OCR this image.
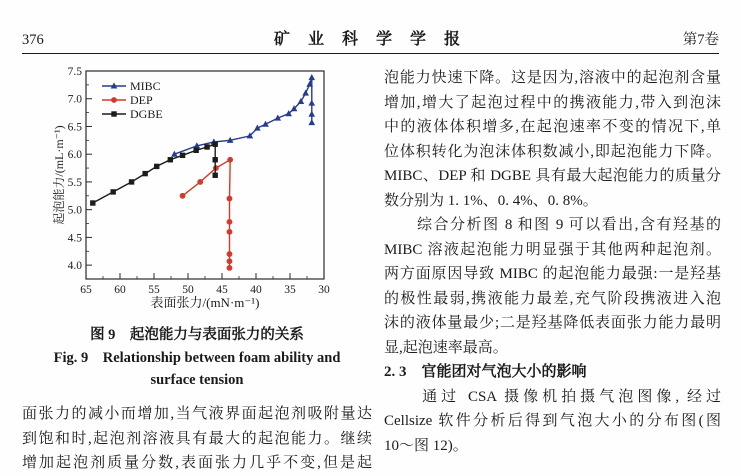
376	矿 业 科 学 学 报	第7卷
65 60 55 50 45 40 35 30
4.0
4.5
5.0
5.5
6.0
6.5
7.0
7.5
表面张力/(mN·m⁻¹)
起泡能力/(mL·m⁻¹)
MIBC
DEP
DGBE

图 9　起泡能力与表面张力的关系

Fig. 9　Relationship between foam ability and

surface tension

面张力的减小而增加,当气液界面起泡剂吸附量达

到饱和时,起泡剂溶液具有最大的起泡能力。继续

增加起泡剂质量分数,表面张力几乎不变,但是起

泡能力快速下降。这是因为,溶液中的起泡剂含量

增加,增大了起泡过程中的携液能力,带入到泡沫

中的液体体积增多,在起泡速率不变的情况下,单

位体积转化为泡沫体积数减小,即起泡能力下降。

MIBC、DEP 和 DGBE 具有最大起泡能力的质量分

数分别为 1. 1%、0. 4%、0. 8%。

　　综合分析图 8 和图 9 可以看出,含有羟基的

MIBC 溶液起泡能力明显强于其他两种起泡剂。

两方面原因导致 MIBC 的起泡能力最强:一是羟基

的极性最弱,携液能力最差,充气阶段携液进入泡

沫的液体量最少;二是羟基降低表面张力能力最明

显,起泡速率最高。

2. 3　官能团对气泡大小的影响

　　通过 CSA 摄像机拍摄气泡图像, 经过

Cellsize 软件分析后得到气泡大小的分布图(图

10～图 12)。
